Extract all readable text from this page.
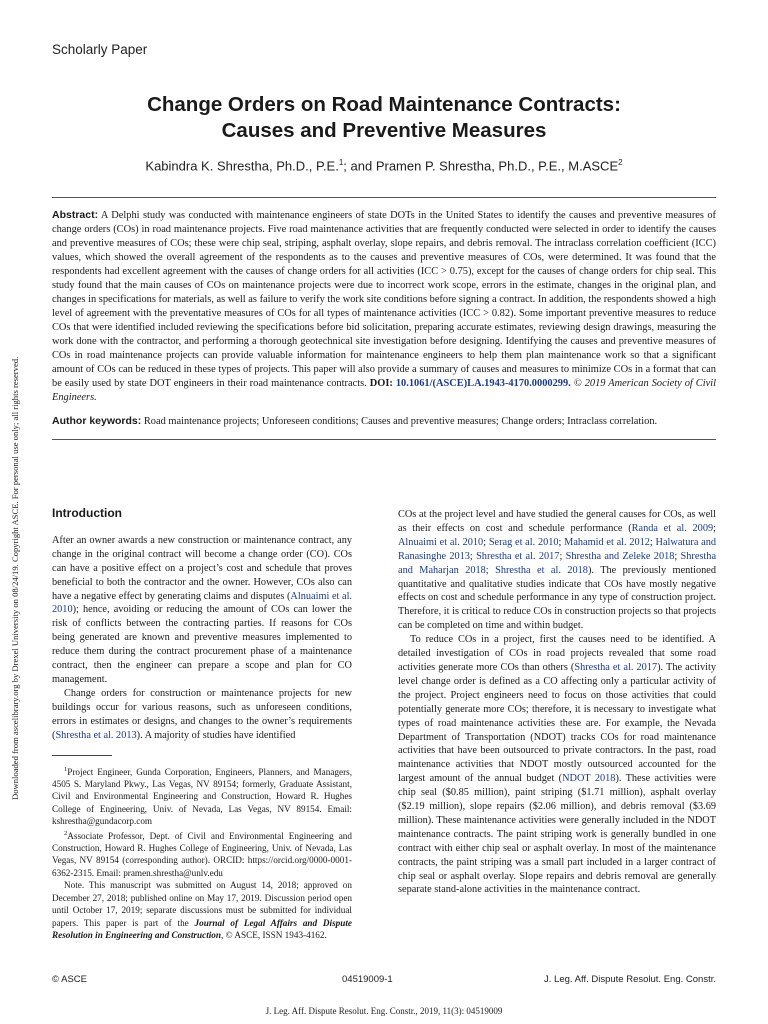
Downloaded from ascelibrary.org by Drexel University on 08/24/19. Copyright ASCE. For personal use only; all rights reserved.
Scholarly Paper
Change Orders on Road Maintenance Contracts:
Causes and Preventive Measures
Kabindra K. Shrestha, Ph.D., P.E.$^1$; and Pramen P. Shrestha, Ph.D., P.E., M.ASCE$^2$

Abstract: A Delphi study was conducted with maintenance engineers of state DOTs in the United States to identify the causes and preventive measures of change orders (COs) in road maintenance projects. Five road maintenance activities that are frequently conducted were selected in order to identify the causes and preventive measures of COs; these were chip seal, striping, asphalt overlay, slope repairs, and debris removal. The intraclass correlation coefficient (ICC) values, which showed the overall agreement of the respondents as to the causes and preventive measures of COs, were determined. It was found that the respondents had excellent agreement with the causes of change orders for all activities (ICC > 0.75), except for the causes of change orders for chip seal. This study found that the main causes of COs on maintenance projects were due to incorrect work scope, errors in the estimate, changes in the original plan, and changes in specifications for materials, as well as failure to verify the work site conditions before signing a contract. In addition, the respondents showed a high level of agreement with the preventative measures of COs for all types of maintenance activities (ICC > 0.82). Some important preventive measures to reduce COs that were identified included reviewing the specifications before bid solicitation, preparing accurate estimates, reviewing design drawings, measuring the work done with the contractor, and performing a thorough geotechnical site investigation before designing. Identifying the causes and preventive measures of COs in road maintenance projects can provide valuable information for maintenance engineers to help them plan maintenance work so that a significant amount of COs can be reduced in these types of projects. This paper will also provide a summary of causes and measures to minimize COs in a format that can be easily used by state DOT engineers in their road maintenance contracts. DOI: 10.1061/(ASCE)LA.1943-4170.0000299. © 2019 American Society of Civil Engineers.

Author keywords: Road maintenance projects; Unforeseen conditions; Causes and preventive measures; Change orders; Intraclass correlation.

Introduction

After an owner awards a new construction or maintenance contract, any change in the original contract will become a change order (CO). COs can have a positive effect on a project’s cost and schedule that proves beneficial to both the contractor and the owner. However, COs also can have a negative effect by generating claims and disputes (Alnuaimi et al. 2010); hence, avoiding or reducing the amount of COs can lower the risk of conflicts between the contracting parties. If reasons for COs being generated are known and preventive measures implemented to reduce them during the contract procurement phase of a maintenance contract, then the engineer can prepare a scope and plan for CO management.

Change orders for construction or maintenance projects for new buildings occur for various reasons, such as unforeseen conditions, errors in estimates or designs, and changes to the owner’s requirements (Shrestha et al. 2013). A majority of studies have identified

$^1$Project Engineer, Gunda Corporation, Engineers, Planners, and Managers, 4505 S. Maryland Pkwy., Las Vegas, NV 89154; formerly, Graduate Assistant, Civil and Environmental Engineering and Construction, Howard R. Hughes College of Engineering, Univ. of Nevada, Las Vegas, NV 89154. Email: kshrestha@gundacorp.com

$^2$Associate Professor, Dept. of Civil and Environmental Engineering and Construction, Howard R. Hughes College of Engineering, Univ. of Nevada, Las Vegas, NV 89154 (corresponding author). ORCID: https://orcid.org/0000-0001-6362-2315. Email: pramen.shrestha@unlv.edu

Note. This manuscript was submitted on August 14, 2018; approved on December 27, 2018; published online on May 17, 2019. Discussion period open until October 17, 2019; separate discussions must be submitted for individual papers. This paper is part of the Journal of Legal Affairs and Dispute Resolution in Engineering and Construction, © ASCE, ISSN 1943-4162.

COs at the project level and have studied the general causes for COs, as well as their effects on cost and schedule performance (Randa et al. 2009; Alnuaimi et al. 2010; Serag et al. 2010; Mahamid et al. 2012; Halwatura and Ranasinghe 2013; Shrestha et al. 2017; Shrestha and Zeleke 2018; Shrestha and Maharjan 2018; Shrestha et al. 2018). The previously mentioned quantitative and qualitative studies indicate that COs have mostly negative effects on cost and schedule performance in any type of construction project. Therefore, it is critical to reduce COs in construction projects so that projects can be completed on time and within budget.

To reduce COs in a project, first the causes need to be identified. A detailed investigation of COs in road projects revealed that some road activities generate more COs than others (Shrestha et al. 2017). The activity level change order is defined as a CO affecting only a particular activity of the project. Project engineers need to focus on those activities that could potentially generate more COs; therefore, it is necessary to investigate what types of road maintenance activities these are. For example, the Nevada Department of Transportation (NDOT) tracks COs for road maintenance activities that have been outsourced to private contractors. In the past, road maintenance activities that NDOT mostly outsourced accounted for the largest amount of the annual budget (NDOT 2018). These activities were chip seal ($0.85 million), paint striping ($1.71 million), asphalt overlay ($2.19 million), slope repairs ($2.06 million), and debris removal ($3.69 million). These maintenance activities were generally included in the NDOT maintenance contracts. The paint striping work is generally bundled in one contract with either chip seal or asphalt overlay. In most of the maintenance contracts, the paint striping was a small part included in a larger contract of chip seal or asphalt overlay. Slope repairs and debris removal are generally separate stand-alone activities in the maintenance contract.

© ASCE	04519009-1	J. Leg. Aff. Dispute Resolut. Eng. Constr.
J. Leg. Aff. Dispute Resolut. Eng. Constr., 2019, 11(3): 04519009
